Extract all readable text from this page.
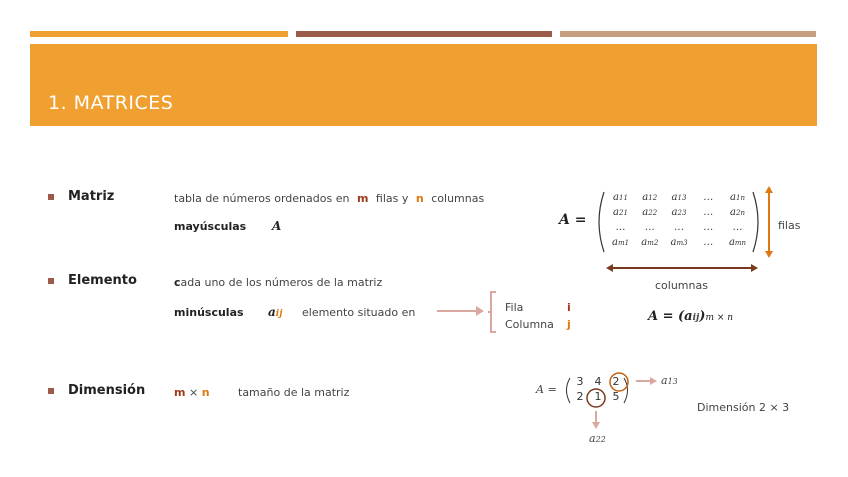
1. MATRICES
Matriz	tabla de números ordenados en m filas y n columnas
mayúsculas A
Elemento	cada uno de los números de la matriz
minúsculas aij elemento situado en	Fila	i
Columna j
Dimensión	m × n	tamaño de la matriz
A =
a11	a12	a13	…	a1n
a21	a22	a23	…	a2n
…	…	…	…	…
am1	am2	am3	…	amn
filas
columnas
A = (aij)m × n
A =
3	4	2
2	1	5
a13
a22
Dimensión 2 × 3
